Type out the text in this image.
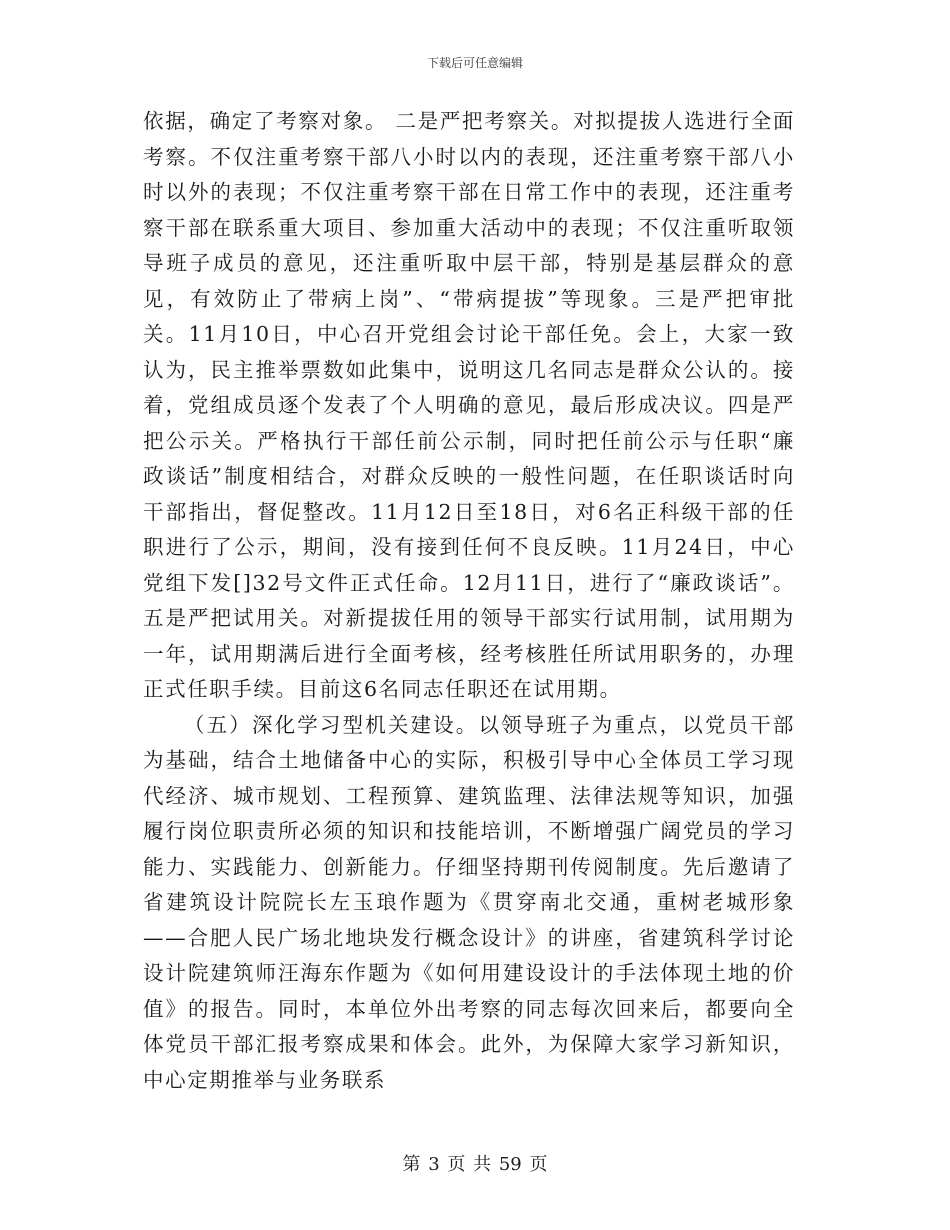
下载后可任意编辑

依据，确定了考察对象。 二是严把考察关。对拟提拔人选进行全面考察。不仅注重考察干部八小时以内的表现，还注重考察干部八小时以外的表现；不仅注重考察干部在日常工作中的表现，还注重考察干部在联系重大项目、参加重大活动中的表现；不仅注重听取领导班子成员的意见，还注重听取中层干部，特别是基层群众的意见，有效防止了带病上岗”、“带病提拔”等现象。三是严把审批关。11月10日，中心召开党组会讨论干部任免。会上，大家一致认为，民主推举票数如此集中，说明这几名同志是群众公认的。接着，党组成员逐个发表了个人明确的意见，最后形成决议。四是严把公示关。严格执行干部任前公示制，同时把任前公示与任职“廉政谈话”制度相结合，对群众反映的一般性问题，在任职谈话时向干部指出，督促整改。11月12日至18日，对6名正科级干部的任职进行了公示，期间，没有接到任何不良反映。11月24日，中心党组下发[]32号文件正式任命。12月11日，进行了“廉政谈话”。五是严把试用关。对新提拔任用的领导干部实行试用制，试用期为一年，试用期满后进行全面考核，经考核胜任所试用职务的，办理正式任职手续。目前这6名同志任职还在试用期。

（五）深化学习型机关建设。以领导班子为重点，以党员干部为基础，结合土地储备中心的实际，积极引导中心全体员工学习现代经济、城市规划、工程预算、建筑监理、法律法规等知识，加强履行岗位职责所必须的知识和技能培训，不断增强广阔党员的学习能力、实践能力、创新能力。仔细坚持期刊传阅制度。先后邀请了省建筑设计院院长左玉琅作题为《贯穿南北交通，重树老城形象——合肥人民广场北地块发行概念设计》的讲座，省建筑科学讨论设计院建筑师汪海东作题为《如何用建设设计的手法体现土地的价值》的报告。同时，本单位外出考察的同志每次回来后，都要向全体党员干部汇报考察成果和体会。此外，为保障大家学习新知识，中心定期推举与业务联系

第 3 页 共 59 页
